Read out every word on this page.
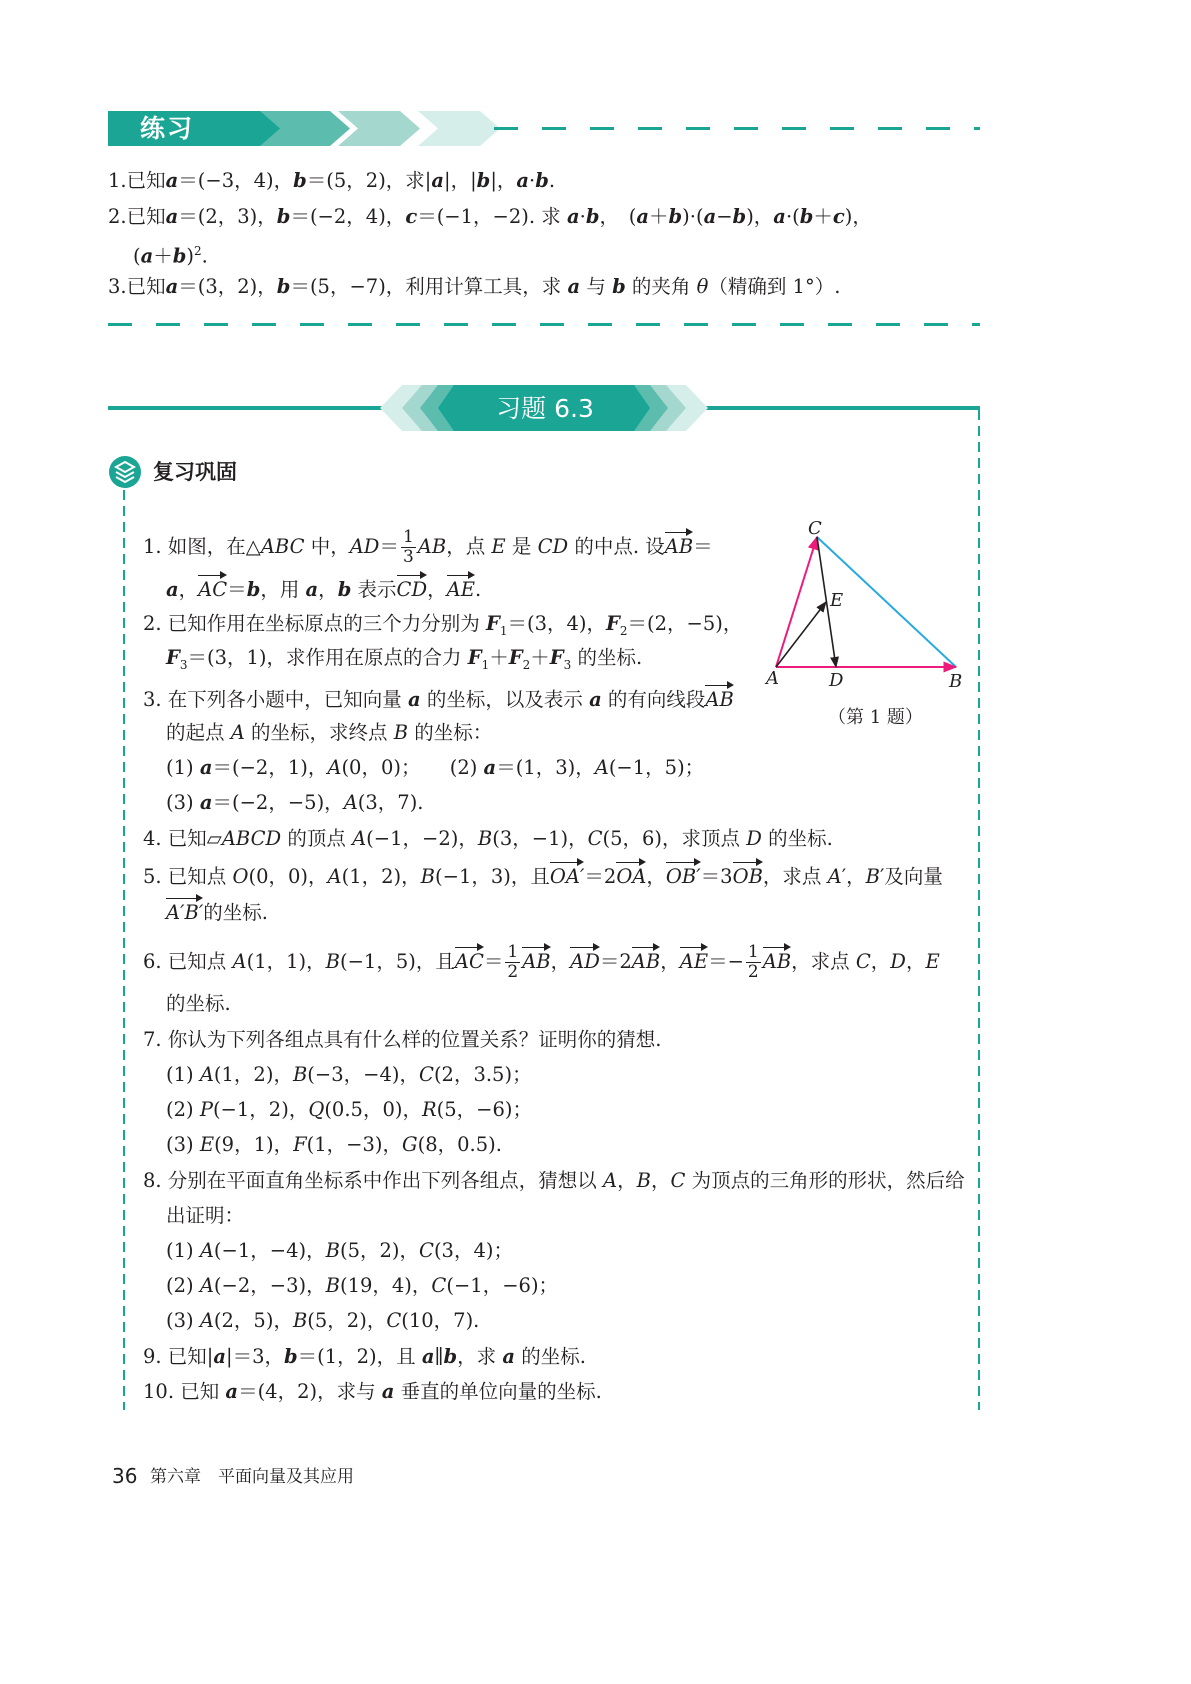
练习
1.已知a＝(−3，4)，b＝(5，2)，求|a|，|b|，a·b.
2.已知a＝(2，3)，b＝(−2，4)，c＝(−1，−2). 求 a·b，　(a＋b)·(a−b)，a·(b＋c)，
$(a+b)^2$.
3.已知a＝(3，2)，b＝(5，−7)，利用计算工具，求 a 与 b 的夹角 θ（精确到 1°）.
习题 6.3
复习巩固
1. 如图，在△ABC 中，$AD= \frac{1}{3}$ AB，点 E 是 CD 的中点. 设AB＝
a，AC＝b，用 a，b 表示CD，AE.
2. 已知作用在坐标原点的三个力分别为 $F_1=(3$，4)，$F_2=(2$，−5)，
$F_3=(3$，1)，求作用在原点的合力 $F_1+F_2+F_3$ 的坐标.
3. 在下列各小题中，已知向量 a 的坐标，以及表示 a 的有向线段AB
的起点 A 的坐标，求终点 B 的坐标：
(1) a＝(−2，1)，A(0，0)；　　(2) a＝(1，3)，A(−1，5)；
(3) a＝(−2，−5)，A(3，7).
4. 已知▱ABCD 的顶点 A(−1，−2)，B(3，−1)，C(5，6)，求顶点 D 的坐标.
5. 已知点 O(0，0)，A(1，2)，B(−1，3)，且OA′＝2OA，OB′＝3OB，求点 A′，B′及向量
A′B′的坐标.
6. 已知点 A(1，1)，B(−1，5)，且$AC= \frac{1}{2}$ AB，AD＝2AB，$AE=- \frac{1}{2}$ AB，求点 C，D，E
的坐标.
7. 你认为下列各组点具有什么样的位置关系？证明你的猜想.
(1) A(1，2)，B(−3，−4)，C(2，3.5)；
(2) P(−1，2)，Q(0.5，0)，R(5，−6)；
(3) E(9，1)，F(1，−3)，G(8，0.5).
8. 分别在平面直角坐标系中作出下列各组点，猜想以 A，B，C 为顶点的三角形的形状，然后给
出证明：
(1) A(−1，−4)，B(5，2)，C(3，4)；
(2) A(−2，−3)，B(19，4)，C(−1，−6)；
(3) A(2，5)，B(5，2)，C(10，7).
9. 已知|a|＝3，b＝(1，2)，且 a∥b，求 a 的坐标.
10. 已知 a＝(4，2)，求与 a 垂直的单位向量的坐标.
C
E
A	D	B
（第 1 题）
36 第六章　平面向量及其应用
